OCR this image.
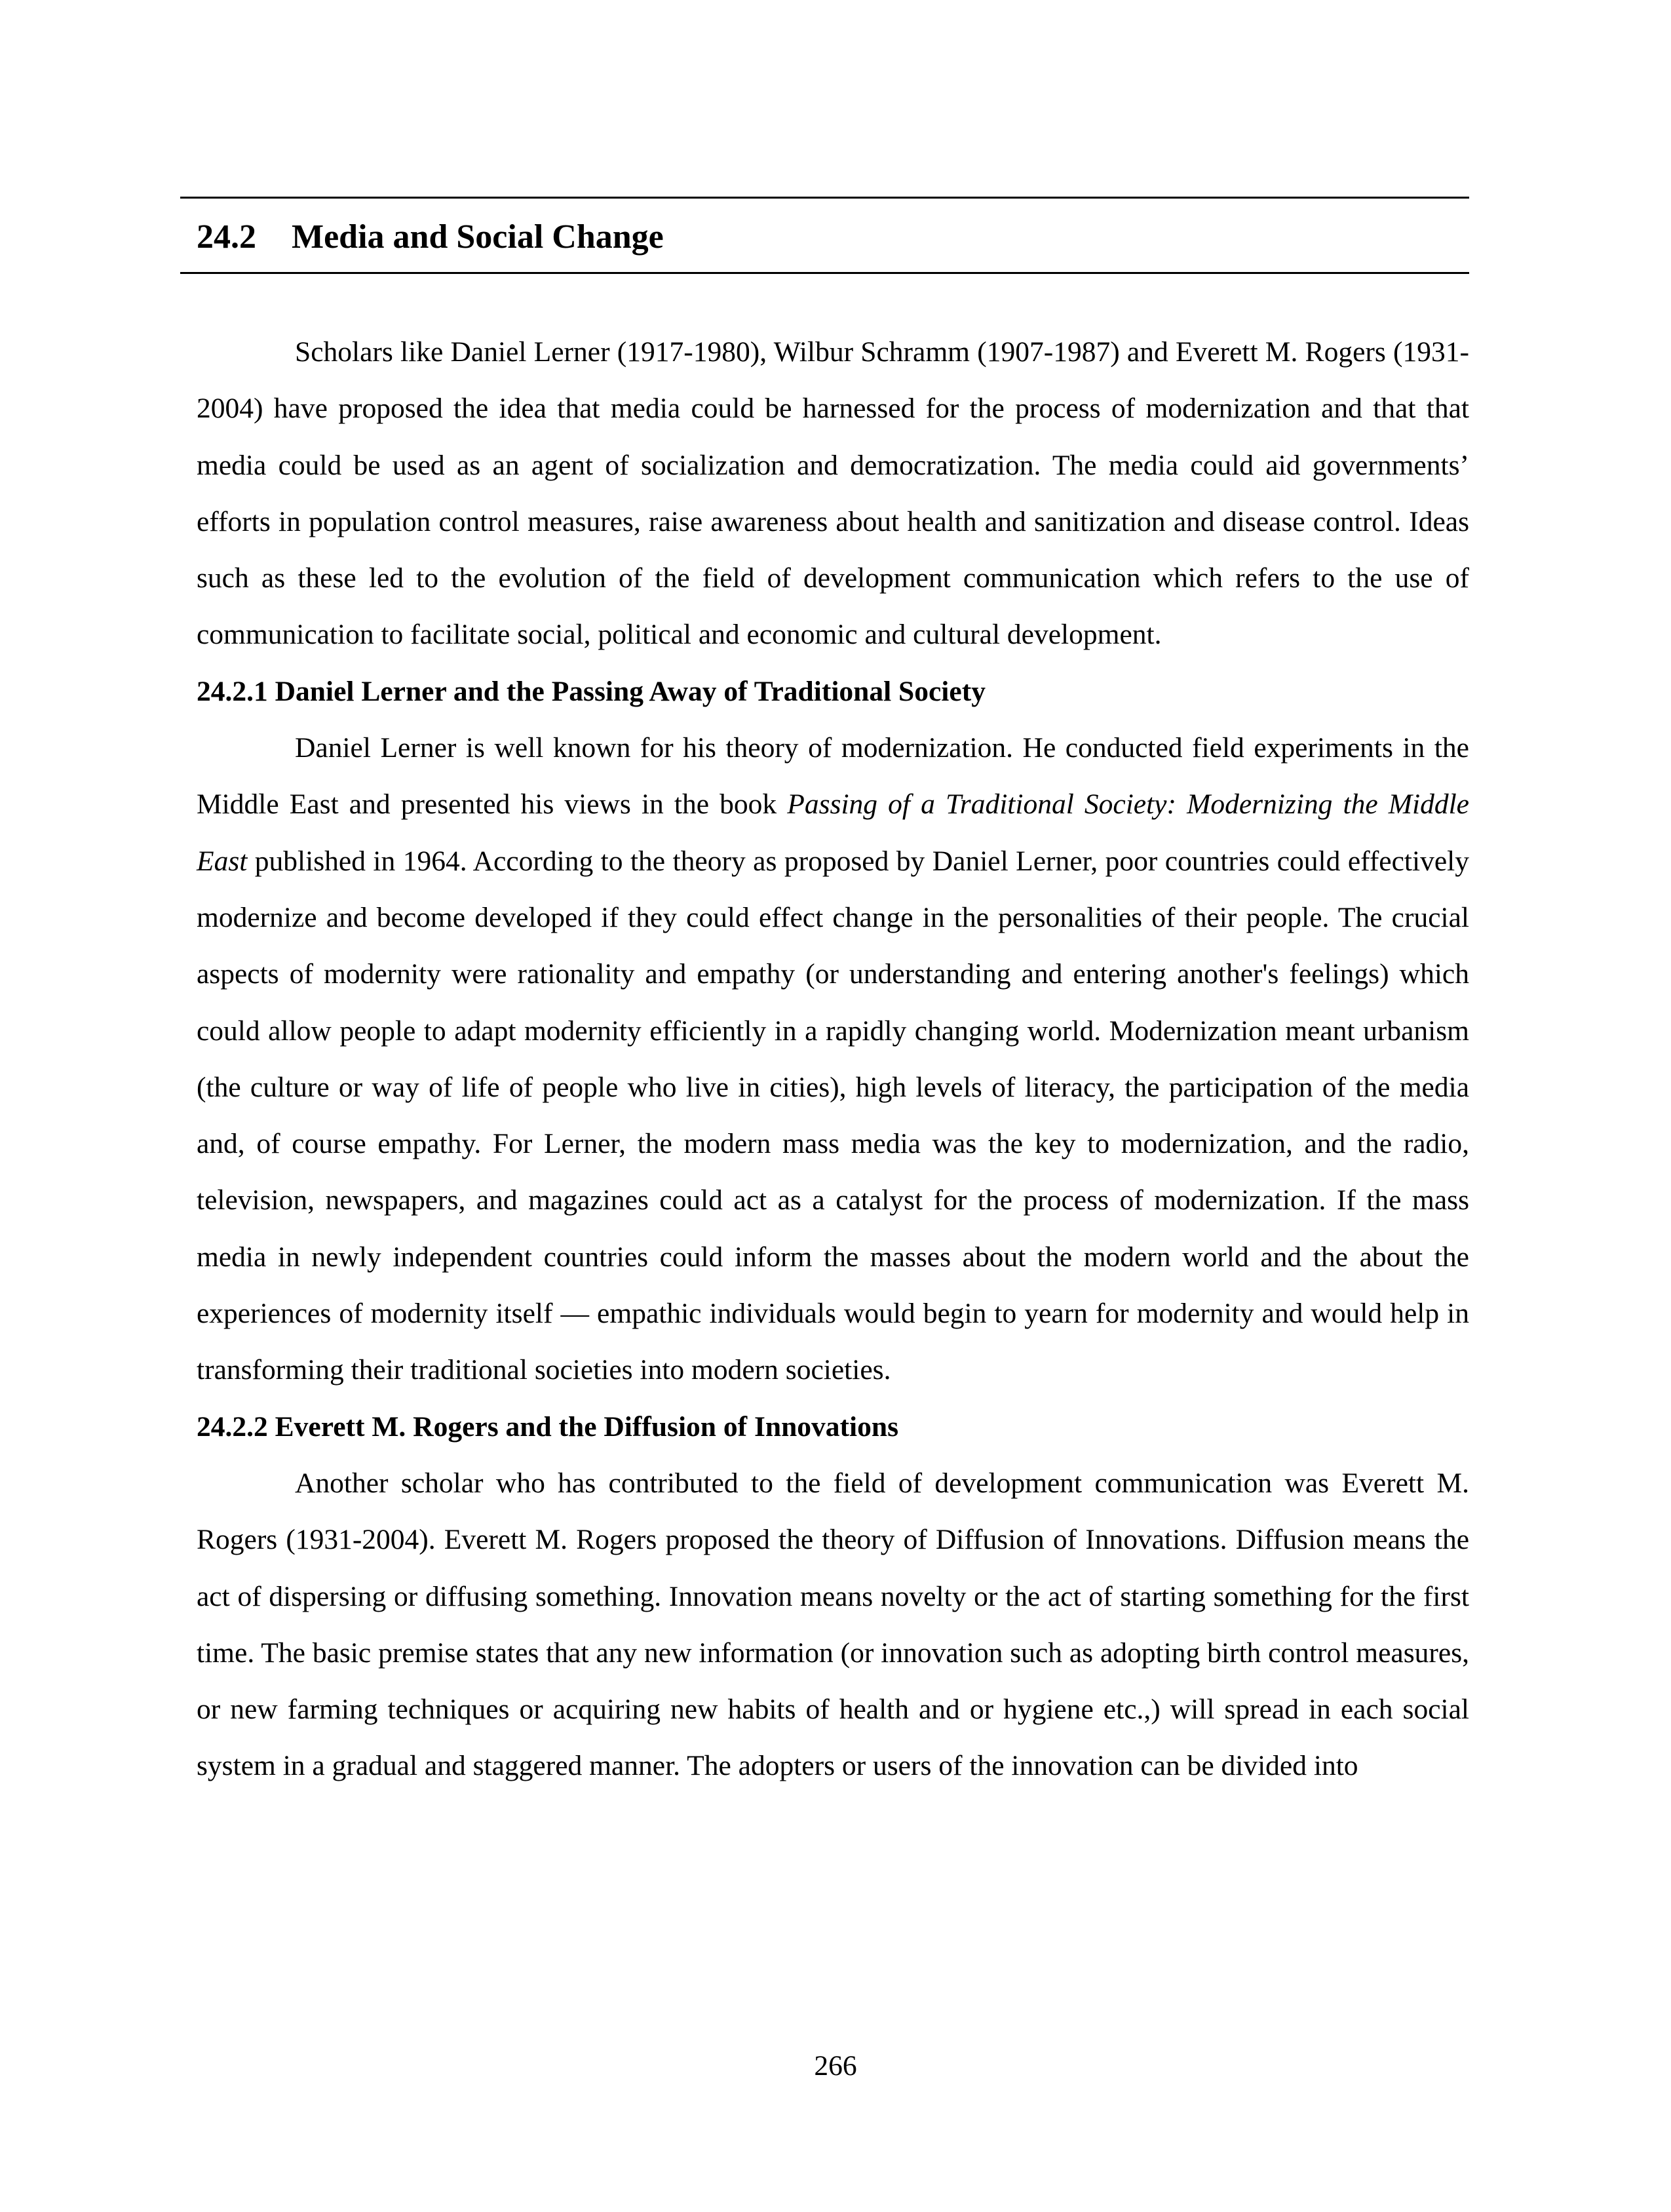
24.2 Media and Social Change

Scholars like Daniel Lerner (1917-1980), Wilbur Schramm (1907-1987) and Everett M. Rogers (1931-2004) have proposed the idea that media could be harnessed for the process of modernization and that that media could be used as an agent of socialization and democratization. The media could aid governments’ efforts in population control measures, raise awareness about health and sanitization and disease control. Ideas such as these led to the evolution of the field of development communication which refers to the use of communication to facilitate social, political and economic and cultural development.

24.2.1 Daniel Lerner and the Passing Away of Traditional Society

Daniel Lerner is well known for his theory of modernization. He conducted field experiments in the Middle East and presented his views in the book Passing of a Traditional Society: Modernizing the Middle East published in 1964. According to the theory as proposed by Daniel Lerner, poor countries could effectively modernize and become developed if they could effect change in the personalities of their people. The crucial aspects of modernity were rationality and empathy (or understanding and entering another's feelings) which could allow people to adapt modernity efficiently in a rapidly changing world. Modernization meant urbanism (the culture or way of life of people who live in cities), high levels of literacy, the participation of the media and, of course empathy. For Lerner, the modern mass media was the key to modernization, and the radio, television, newspapers, and magazines could act as a catalyst for the process of modernization. If the mass media in newly independent countries could inform the masses about the modern world and the about the experiences of modernity itself — empathic individuals would begin to yearn for modernity and would help in transforming their traditional societies into modern societies.

24.2.2 Everett M. Rogers and the Diffusion of Innovations

Another scholar who has contributed to the field of development communication was Everett M. Rogers (1931-2004). Everett M. Rogers proposed the theory of Diffusion of Innovations. Diffusion means the act of dispersing or diffusing something. Innovation means novelty or the act of starting something for the first time. The basic premise states that any new information (or innovation such as adopting birth control measures, or new farming techniques or acquiring new habits of health and or hygiene etc.,) will spread in each social system in a gradual and staggered manner. The adopters or users of the innovation can be divided into

266
